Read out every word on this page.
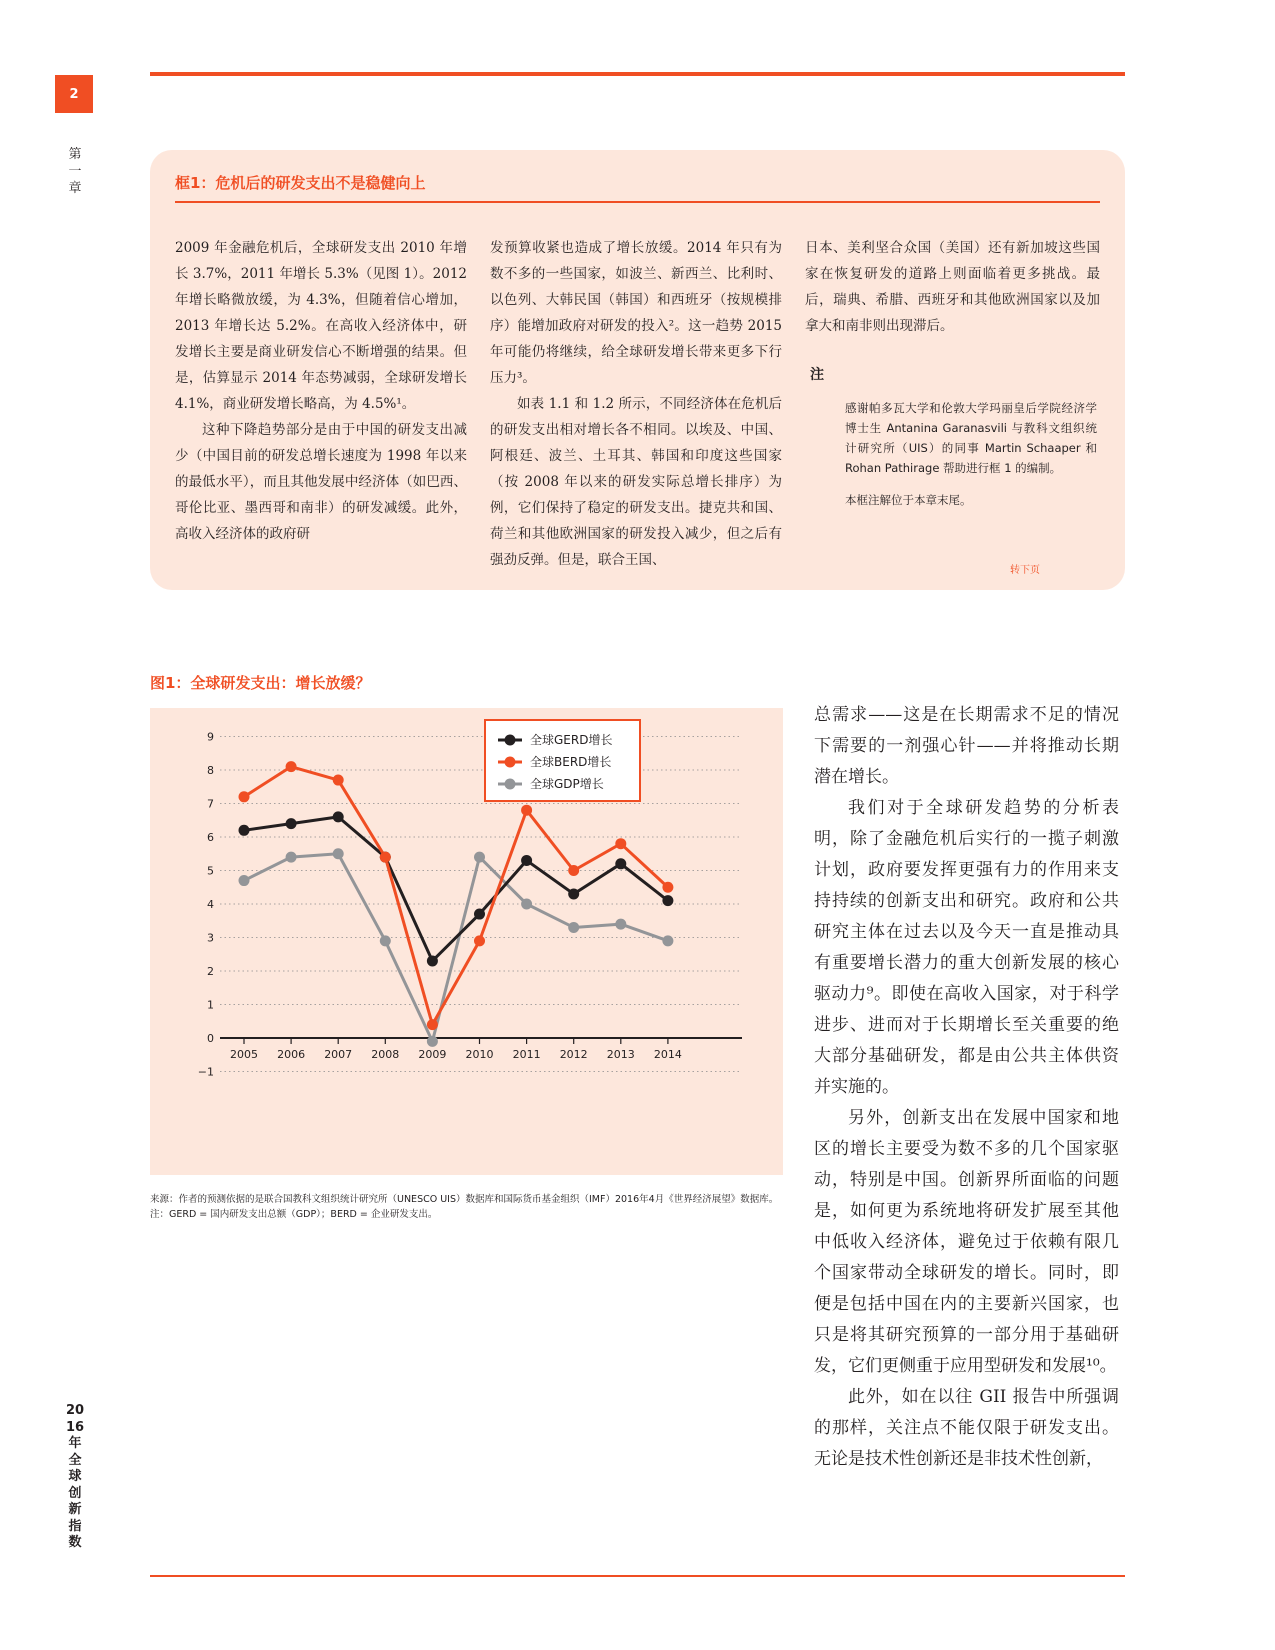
2
第一章	框1：危机后的研发支出不是稳健向上

2009 年金融危机后，全球研发支出 2010 年增长 3.7%，2011 年增长 5.3%（见图 1）。2012 年增长略微放缓，为 4.3%，但随着信心增加，2013 年增长达 5.2%。在高收入经济体中，研发增长主要是商业研发信心不断增强的结果。但是，估算显示 2014 年态势减弱，全球研发增长 4.1%，商业研发增长略高，为 4.5%¹。

这种下降趋势部分是由于中国的研发支出减少（中国目前的研发总增长速度为 1998 年以来的最低水平），而且其他发展中经济体（如巴西、哥伦比亚、墨西哥和南非）的研发减缓。此外，高收入经济体的政府研

发预算收紧也造成了增长放缓。2014 年只有为数不多的一些国家，如波兰、新西兰、比利时、以色列、大韩民国（韩国）和西班牙（按规模排序）能增加政府对研发的投入²。这一趋势 2015 年可能仍将继续，给全球研发增长带来更多下行压力³。

如表 1.1 和 1.2 所示，不同经济体在危机后的研发支出相对增长各不相同。以埃及、中国、阿根廷、波兰、土耳其、韩国和印度这些国家（按 2008 年以来的研发实际总增长排序）为例，它们保持了稳定的研发支出。捷克共和国、荷兰和其他欧洲国家的研发投入减少，但之后有强劲反弹。但是，联合王国、

日本、美利坚合众国（美国）还有新加坡这些国家在恢复研发的道路上则面临着更多挑战。最后，瑞典、希腊、西班牙和其他欧洲国家以及加拿大和南非则出现滞后。

注

感谢帕多瓦大学和伦敦大学玛丽皇后学院经济学博士生 Antanina Garanasvili 与教科文组织统计研究所（UIS）的同事 Martin Schaaper 和 Rohan Pathirage 帮助进行框 1 的编制。

本框注解位于本章末尾。

转下页
图1：全球研发支出：增长放缓？
−1
0
1
2
3
4
5
6
7
8
9
2005 2006 2007 2008 2009 2010 2011 2012 2013 2014
全球GERD增长
全球BERD增长
全球GDP增长

来源：作者的预测依据的是联合国教科文组织统计研究所（UNESCO UIS）数据库和国际货币基金组织（IMF）2016年4月《世界经济展望》数据库。

注：GERD = 国内研发支出总额（GDP）；BERD = 企业研发支出。

总需求——这是在长期需求不足的情况下需要的一剂强心针——并将推动长期潜在增长。

我们对于全球研发趋势的分析表明，除了金融危机后实行的一揽子刺激计划，政府要发挥更强有力的作用来支持持续的创新支出和研究。政府和公共研究主体在过去以及今天一直是推动具有重要增长潜力的重大创新发展的核心驱动力⁹。即使在高收入国家，对于科学进步、进而对于长期增长至关重要的绝大部分基础研发，都是由公共主体供资并实施的。

另外，创新支出在发展中国家和地区的增长主要受为数不多的几个国家驱动，特别是中国。创新界所面临的问题是，如何更为系统地将研发扩展至其他中低收入经济体，避免过于依赖有限几个国家带动全球研发的增长。同时，即便是包括中国在内的主要新兴国家，也只是将其研究预算的一部分用于基础研发，它们更侧重于应用型研发和发展¹⁰。

此外，如在以往 GII 报告中所强调的那样，关注点不能仅限于研发支出。无论是技术性创新还是非技术性创新，

2016年全球创新指数
